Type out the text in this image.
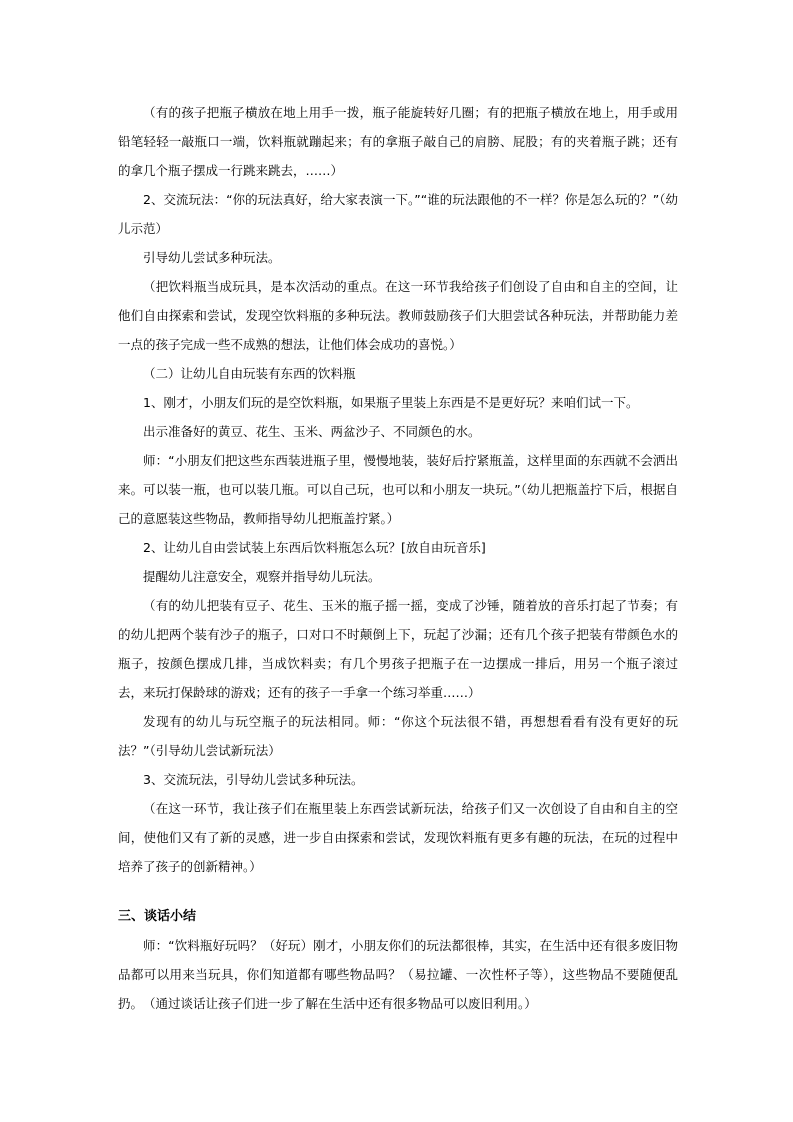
（有的孩子把瓶子横放在地上用手一拨，瓶子能旋转好几圈；有的把瓶子横放在地上，用手或用铅笔轻轻一敲瓶口一端，饮料瓶就蹦起来；有的拿瓶子敲自己的肩膀、屁股；有的夹着瓶子跳；还有的拿几个瓶子摆成一行跳来跳去，……）

2、交流玩法：“你的玩法真好，给大家表演一下。”“谁的玩法跟他的不一样？你是怎么玩的？”（幼儿示范）

引导幼儿尝试多种玩法。

（把饮料瓶当成玩具，是本次活动的重点。在这一环节我给孩子们创设了自由和自主的空间，让他们自由探索和尝试，发现空饮料瓶的多种玩法。教师鼓励孩子们大胆尝试各种玩法，并帮助能力差一点的孩子完成一些不成熟的想法，让他们体会成功的喜悦。）

（二）让幼儿自由玩装有东西的饮料瓶

1、刚才，小朋友们玩的是空饮料瓶，如果瓶子里装上东西是不是更好玩？来咱们试一下。

出示准备好的黄豆、花生、玉米、两盆沙子、不同颜色的水。

师：“小朋友们把这些东西装进瓶子里，慢慢地装，装好后拧紧瓶盖，这样里面的东西就不会洒出来。可以装一瓶，也可以装几瓶。可以自己玩，也可以和小朋友一块玩。”（幼儿把瓶盖拧下后，根据自己的意愿装这些物品，教师指导幼儿把瓶盖拧紧。）

2、让幼儿自由尝试装上东西后饮料瓶怎么玩？[放自由玩音乐]

提醒幼儿注意安全，观察并指导幼儿玩法。

（有的幼儿把装有豆子、花生、玉米的瓶子摇一摇，变成了沙锤，随着放的音乐打起了节奏；有的幼儿把两个装有沙子的瓶子，口对口不时颠倒上下，玩起了沙漏；还有几个孩子把装有带颜色水的瓶子，按颜色摆成几排，当成饮料卖；有几个男孩子把瓶子在一边摆成一排后，用另一个瓶子滚过去，来玩打保龄球的游戏；还有的孩子一手拿一个练习举重……）

发现有的幼儿与玩空瓶子的玩法相同。师：“你这个玩法很不错，再想想看看有没有更好的玩法？”（引导幼儿尝试新玩法）

3、交流玩法，引导幼儿尝试多种玩法。

（在这一环节，我让孩子们在瓶里装上东西尝试新玩法，给孩子们又一次创设了自由和自主的空间，使他们又有了新的灵感，进一步自由探索和尝试，发现饮料瓶有更多有趣的玩法，在玩的过程中培养了孩子的创新精神。）

三、谈话小结

师：“饮料瓶好玩吗？（好玩）刚才，小朋友你们的玩法都很棒，其实，在生活中还有很多废旧物品都可以用来当玩具，你们知道都有哪些物品吗？（易拉罐、一次性杯子等），这些物品不要随便乱扔。　（通过谈话让孩子们进一步了解在生活中还有很多物品可以废旧利用。）
